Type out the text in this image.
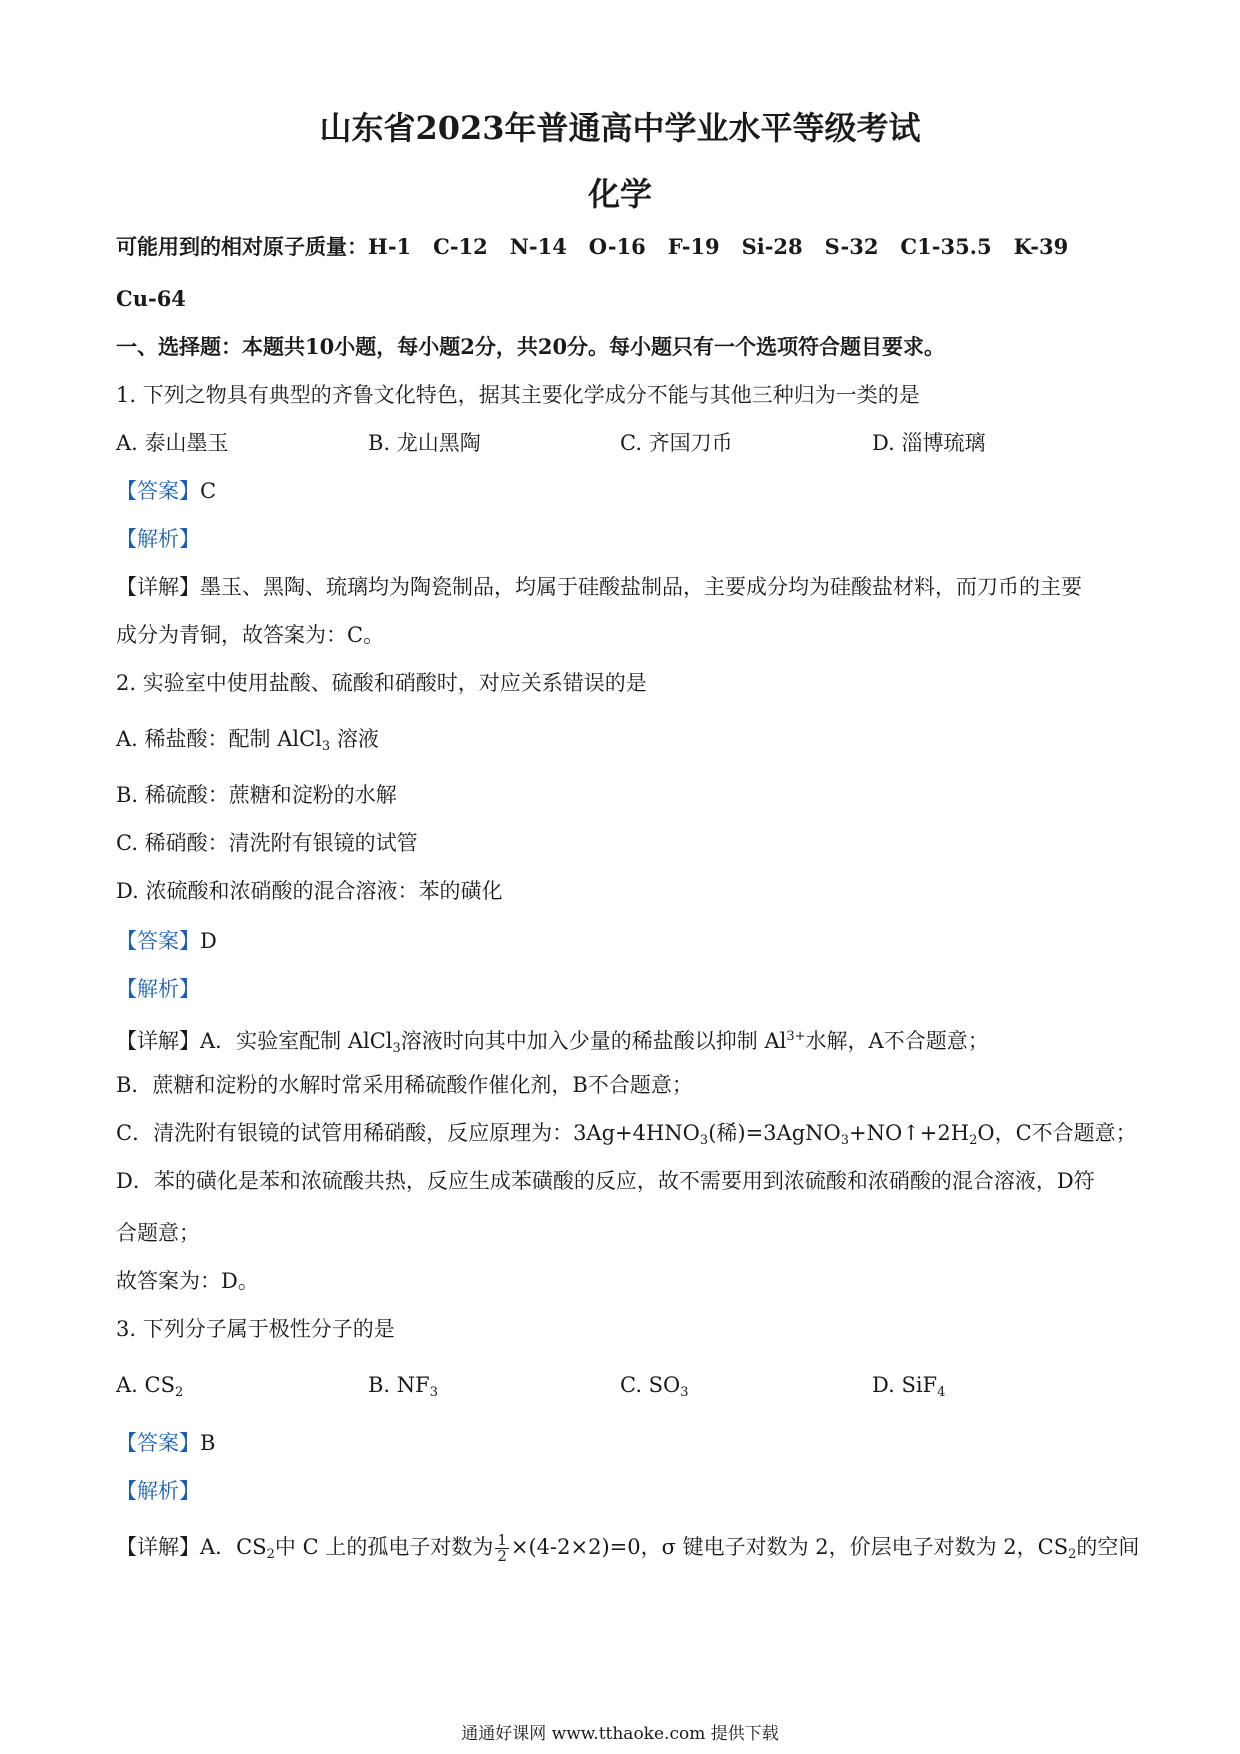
山东省2023年普通高中学业水平等级考试
化学
可能用到的相对原子质量：H-1 C-12 N-14 O-16 F-19 Si-28 S-32 C1-35.5 K-39
Cu-64
一、选择题：本题共10小题，每小题2分，共20分。每小题只有一个选项符合题目要求。
1. 下列之物具有典型的齐鲁文化特色，据其主要化学成分不能与其他三种归为一类的是
A. 泰山墨玉	B. 龙山黑陶	C. 齐国刀币	D. 淄博琉璃
【答案】C
【解析】
【详解】墨玉、黑陶、琉璃均为陶瓷制品，均属于硅酸盐制品，主要成分均为硅酸盐材料，而刀币的主要
成分为青铜，故答案为：C。
2. 实验室中使用盐酸、硫酸和硝酸时，对应关系错误的是
A. 稀盐酸：配制 AlCl$_3$ 溶液
B. 稀硫酸：蔗糖和淀粉的水解
C. 稀硝酸：清洗附有银镜的试管
D. 浓硫酸和浓硝酸的混合溶液：苯的磺化
【答案】D
【解析】
【详解】A．实验室配制 AlCl$_3$溶液时向其中加入少量的稀盐酸以抑制 $Al^{3+}$水解，A不合题意；
B．蔗糖和淀粉的水解时常采用稀硫酸作催化剂，B不合题意；
C．清洗附有银镜的试管用稀硝酸，反应原理为：$3Ag+4HNO_3$(稀)$=3AgNO_3+NO↑+2H_2O$，C不合题意；
D．苯的磺化是苯和浓硫酸共热，反应生成苯磺酸的反应，故不需要用到浓硫酸和浓硝酸的混合溶液，D符
合题意；
故答案为：D。
3. 下列分子属于极性分子的是
A. $CS_2$	B. $NF_3$	C. $SO_3$	D. SiF$_4$
【答案】B
【解析】
【详解】A．$CS_2$中 C 上的孤电子对数为 $\frac{1}{2} \times(4-2\times 2)=0$，σ 键电子对数为 2，价层电子对数为 2，$CS_2$的空间
通通好课网 www.tthaoke.com 提供下载
